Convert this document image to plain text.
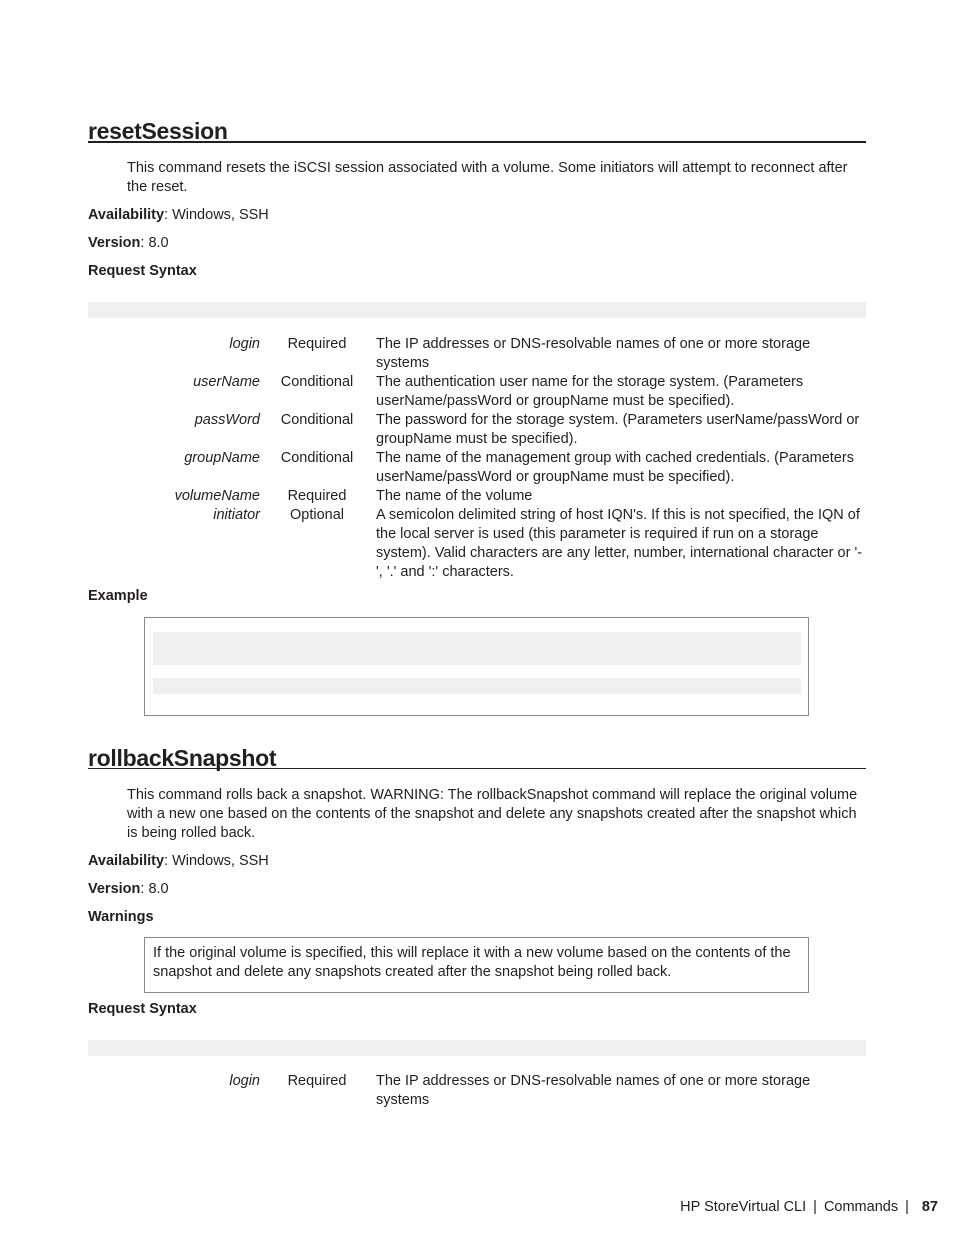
resetSession
This command resets the iSCSI session associated with a volume. Some initiators will attempt to reconnect after the reset.
Availability: Windows, SSH
Version: 8.0
Request Syntax
login	Required	The IP addresses or DNS-resolvable names of one or more storage systems
userName	Conditional	The authentication user name for the storage system. (Parameters userName/passWord or groupName must be specified).
passWord	Conditional	The password for the storage system. (Parameters userName/passWord or groupName must be specified).
groupName	Conditional	The name of the management group with cached credentials. (Parameters userName/passWord or groupName must be specified).
volumeName	Required	The name of the volume
initiator	Optional	A semicolon delimited string of host IQN's. If this is not specified, the IQN of the local server is used (this parameter is required if run on a storage system). Valid characters are any letter, number, international character or '-', '.' and ':' characters.
Example
rollbackSnapshot
This command rolls back a snapshot. WARNING: The rollbackSnapshot command will replace the original volume with a new one based on the contents of the snapshot and delete any snapshots created after the snapshot which is being rolled back.
Availability: Windows, SSH
Version: 8.0
Warnings
If the original volume is specified, this will replace it with a new volume based on the contents of the snapshot and delete any snapshots created after the snapshot being rolled back.
Request Syntax
login	Required	The IP addresses or DNS-resolvable names of one or more storage systems
HP StoreVirtual CLI | Commands | 87
